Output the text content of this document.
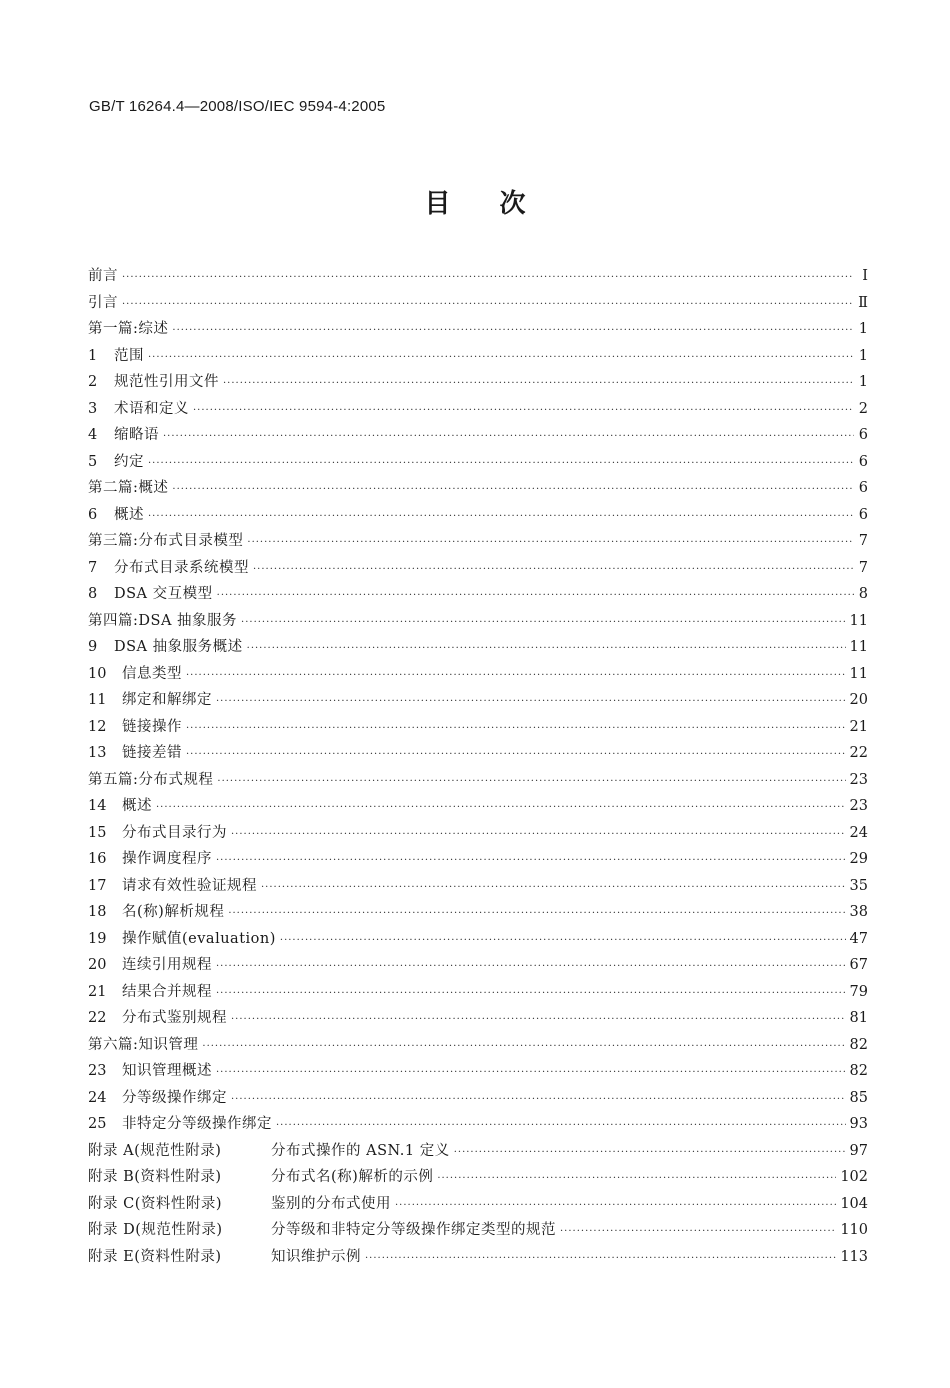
GB/T 16264.4—2008/ISO/IEC 9594-4:2005
目 次
前言 ·····	Ⅰ
引言 ·····	Ⅱ
第一篇:综述 ·····	1
1	范围 ·····	1
2	规范性引用文件 ·····	1
3	术语和定义 ·····	2
4	缩略语 ·····	6
5	约定 ·····	6
第二篇:概述 ·····	6
6	概述 ·····	6
第三篇:分布式目录模型 ·····	7
7	分布式目录系统模型 ·····	7
8	DSA 交互模型 ·····	8
第四篇:DSA 抽象服务 ·····	11
9	DSA 抽象服务概述 ·····	11
10	信息类型 ·····	11
11	绑定和解绑定 ·····	20
12	链接操作 ·····	21
13	链接差错 ·····	22
第五篇:分布式规程 ·····	23
14	概述 ·····	23
15	分布式目录行为 ·····	24
16	操作调度程序 ·····	29
17	请求有效性验证规程 ·····	35
18	名(称)解析规程 ·····	38
19	操作赋值(evaluation) ·····	47
20	连续引用规程 ·····	67
21	结果合并规程 ·····	79
22	分布式鉴别规程 ·····	81
第六篇:知识管理 ·····	82
23	知识管理概述 ·····	82
24	分等级操作绑定 ·····	85
25	非特定分等级操作绑定 ·····	93
附录 A(规范性附录)	分布式操作的 ASN.1 定义 ·····	97
附录 B(资料性附录)	分布式名(称)解析的示例 ·····	102
附录 C(资料性附录)	鉴别的分布式使用 ·····	104
附录 D(规范性附录)	分等级和非特定分等级操作绑定类型的规范 ·····	110
附录 E(资料性附录)	知识维护示例 ·····	113
